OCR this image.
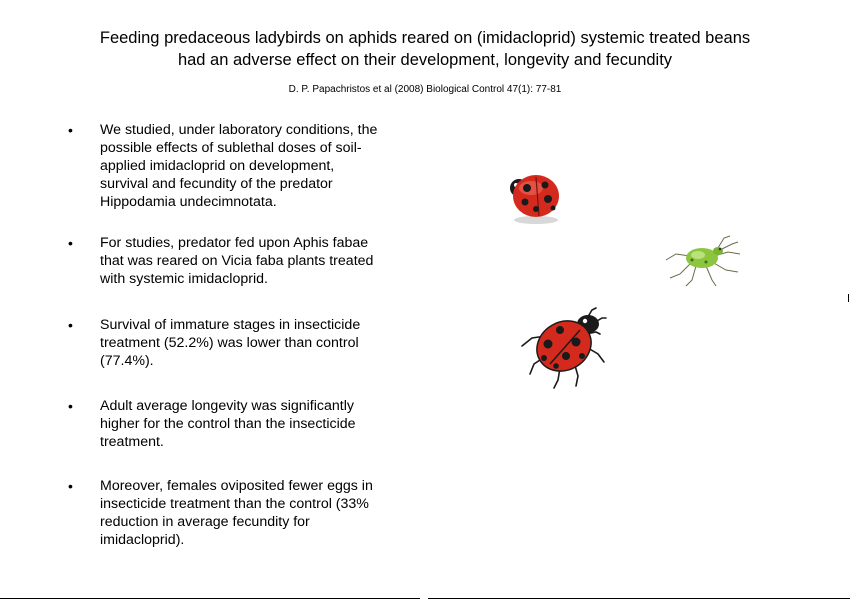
Feeding predaceous ladybirds on aphids reared on (imidacloprid) systemic treated beans
had an adverse effect on their development, longevity and fecundity
D. P. Papachristos et al (2008) Biological Control 47(1): 77-81
• We studied, under laboratory conditions, the
possible effects of sublethal doses of soil-
applied imidacloprid on development,
survival and fecundity of the predator
Hippodamia undecimnotata.
• For studies, predator fed upon Aphis fabae
that was reared on Vicia faba plants treated
with systemic imidacloprid.
• Survival of immature stages in insecticide
treatment (52.2%) was lower than control
(77.4%).
• Adult average longevity was significantly
higher for the control than the insecticide
treatment.
• Moreover, females oviposited fewer eggs in
insecticide treatment than the control (33%
reduction in average fecundity for
imidacloprid).
